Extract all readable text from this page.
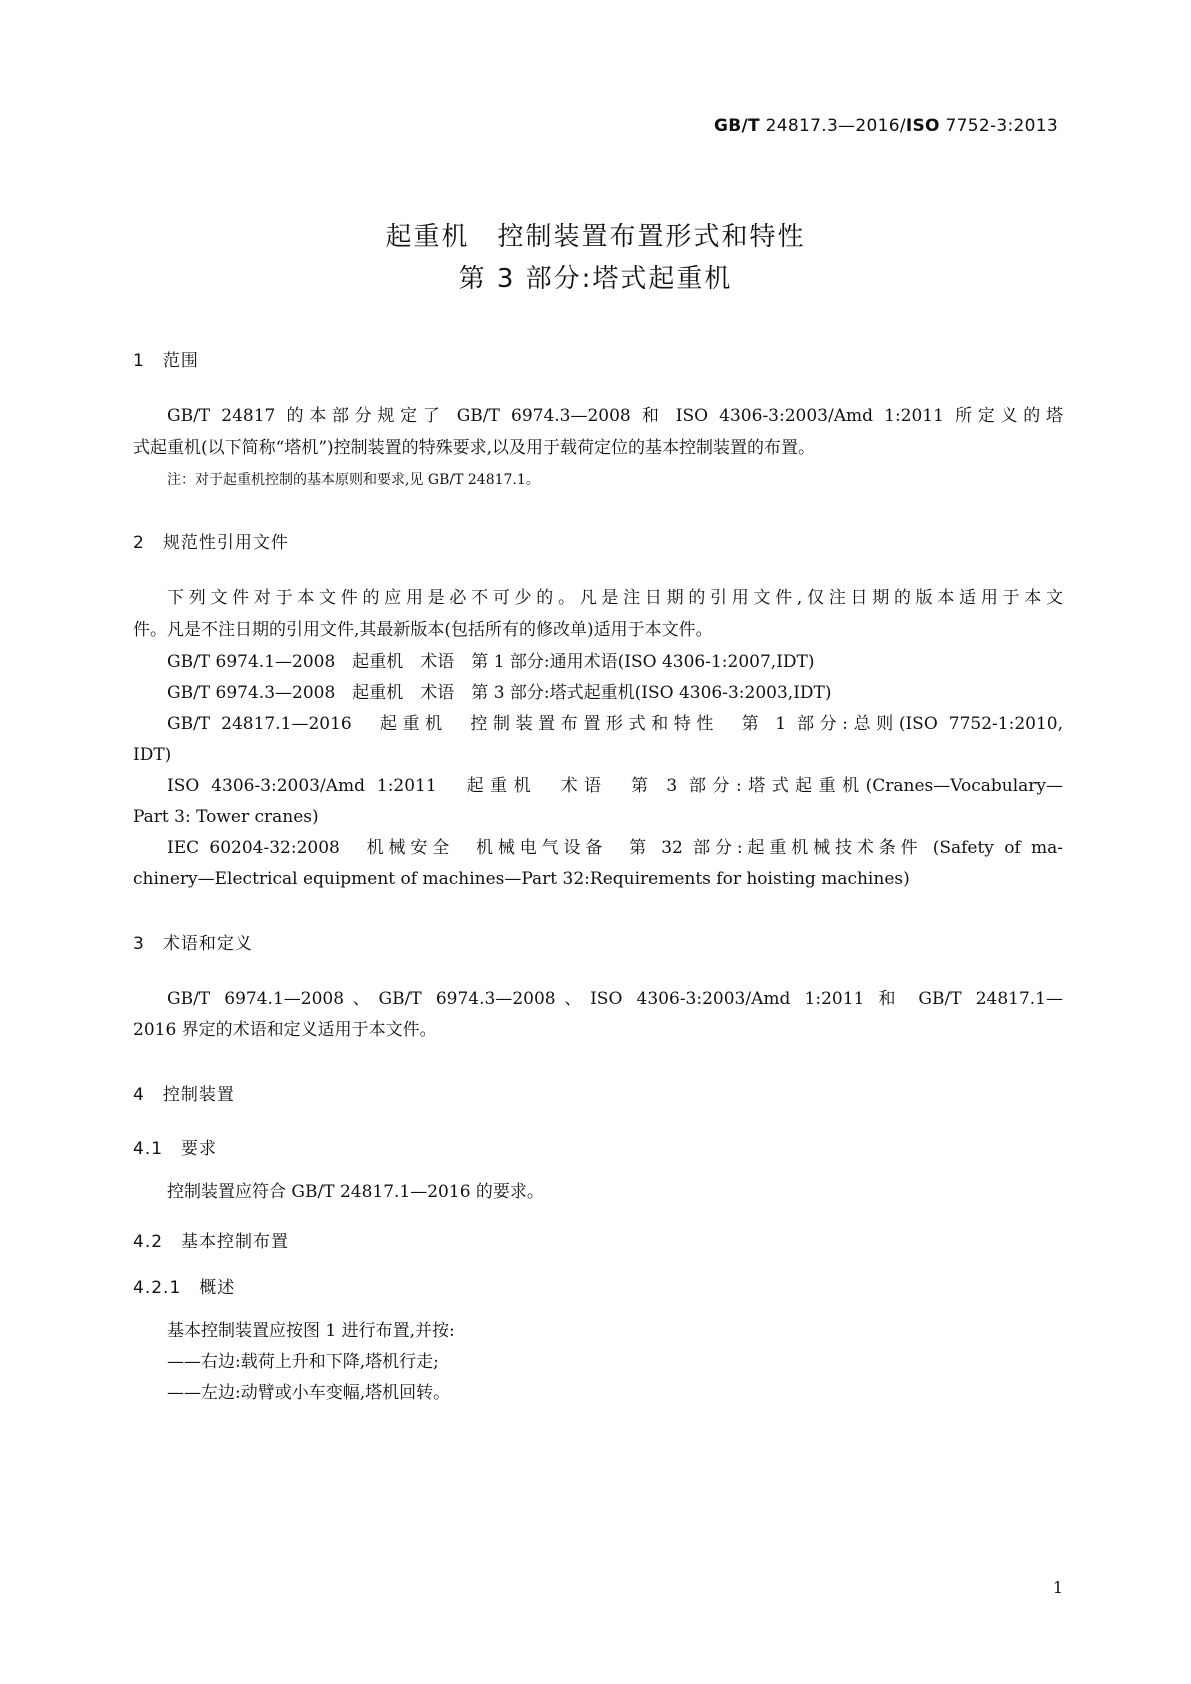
GB/T 24817.3—2016/ISO 7752-3:2013
起重机　控制装置布置形式和特性
第 3 部分:塔式起重机
1　范围
GB/T 24817 的本部分规定了 GB/T 6974.3—2008 和 ISO 4306-3:2003/Amd 1:2011 所定义的塔
式起重机(以下简称“塔机”)控制装置的特殊要求,以及用于载荷定位的基本控制装置的布置。
注：对于起重机控制的基本原则和要求,见 GB/T 24817.1。
2　规范性引用文件
下列文件对于本文件的应用是必不可少的。凡是注日期的引用文件,仅注日期的版本适用于本文
件。凡是不注日期的引用文件,其最新版本(包括所有的修改单)适用于本文件。
GB/T 6974.1—2008　起重机　术语　第 1 部分:通用术语(ISO 4306-1:2007,IDT)
GB/T 6974.3—2008　起重机　术语　第 3 部分:塔式起重机(ISO 4306-3:2003,IDT)
GB/T 24817.1—2016　起重机　控制装置布置形式和特性　第 1 部分:总则(ISO 7752-1:2010,
IDT)
ISO 4306-3:2003/Amd 1:2011　起重机　术语　第 3 部分:塔式起重机(Cranes—Vocabulary—
Part 3: Tower cranes)
IEC 60204-32:2008　机械安全　机械电气设备　第 32 部分:起重机械技术条件 (Safety of ma-
chinery—Electrical equipment of machines—Part 32:Requirements for hoisting machines)
3　术语和定义
GB/T 6974.1—2008、GB/T 6974.3—2008、ISO 4306-3:2003/Amd 1:2011 和 GB/T 24817.1—
2016 界定的术语和定义适用于本文件。
4　控制装置
4.1　要求
控制装置应符合 GB/T 24817.1—2016 的要求。
4.2　基本控制布置
4.2.1　概述
基本控制装置应按图 1 进行布置,并按:
——右边:载荷上升和下降,塔机行走;
——左边:动臂或小车变幅,塔机回转。
1
